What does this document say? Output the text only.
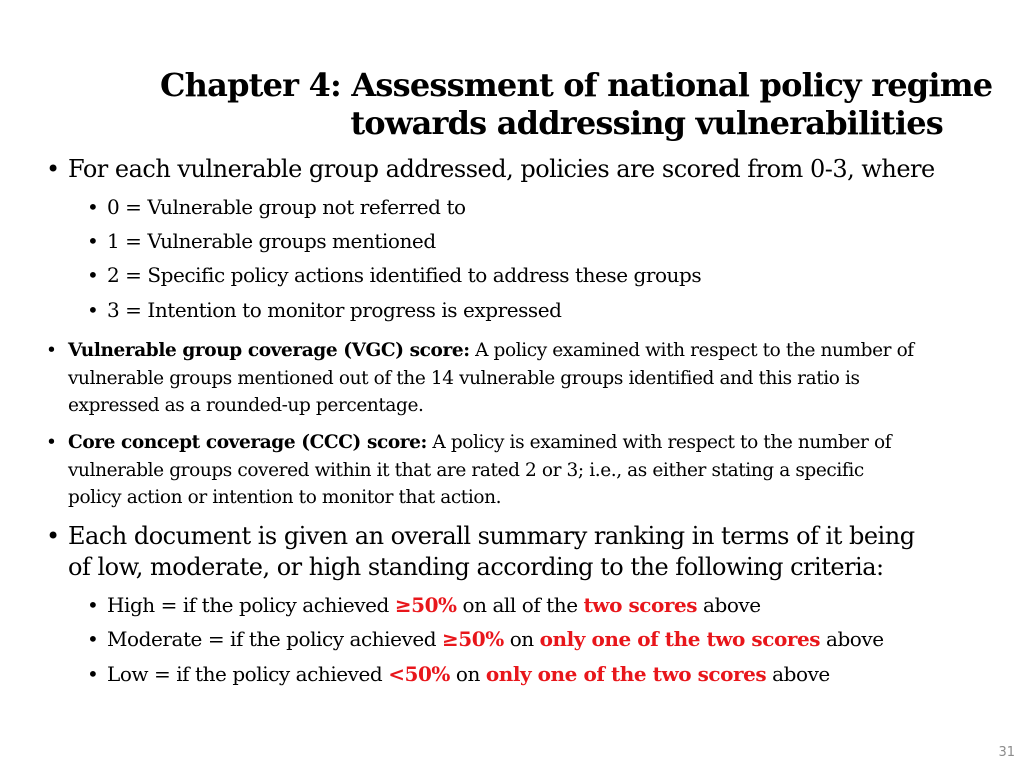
Chapter 4: Assessment of national policy regime
towards addressing vulnerabilities
• For each vulnerable group addressed, policies are scored from 0-3, where
• 0 = Vulnerable group not referred to
• 1 = Vulnerable groups mentioned
• 2 = Specific policy actions identified to address these groups
• 3 = Intention to monitor progress is expressed
• Vulnerable group coverage (VGC) score: A policy examined with respect to the number of
vulnerable groups mentioned out of the 14 vulnerable groups identified and this ratio is
expressed as a rounded-up percentage.
• Core concept coverage (CCC) score: A policy is examined with respect to the number of
vulnerable groups covered within it that are rated 2 or 3; i.e., as either stating a specific
policy action or intention to monitor that action.
• Each document is given an overall summary ranking in terms of it being
of low, moderate, or high standing according to the following criteria:
• High = if the policy achieved ≥50% on all of the two scores above
• Moderate = if the policy achieved ≥50% on only one of the two scores above
• Low = if the policy achieved <50% on only one of the two scores above
31
